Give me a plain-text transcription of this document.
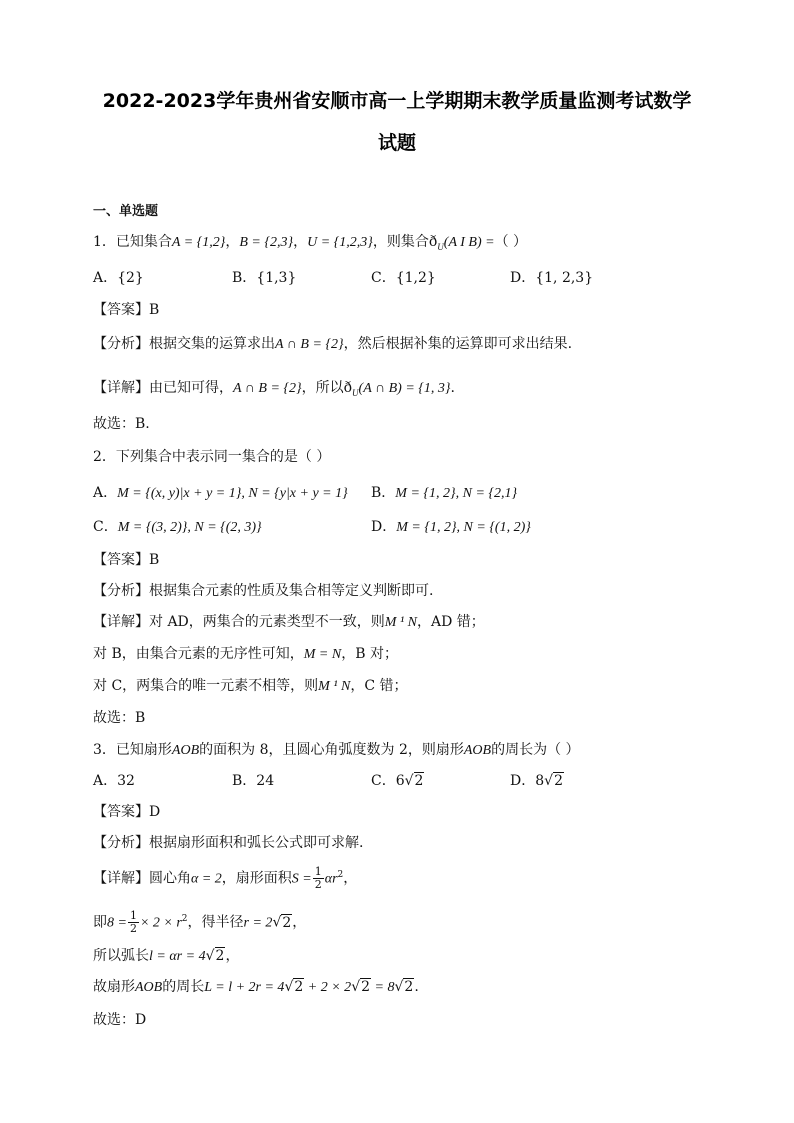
2022-2023学年贵州省安顺市高一上学期期末教学质量监测考试数学
试题
一、单选题
1．已知集合A = {1,2}，B = {2,3}，U = {1,2,3}，则集合$ð_U(A$ I B) =（ ）
A．{2}	B．{1,3}	C．{1,2}	D．{1, 2,3}
【答案】B
【分析】根据交集的运算求出A ∩ B = {2}，然后根据补集的运算即可求出结果.
【详解】由已知可得，A ∩ B = {2}，所以$ð_U(A$ ∩ B) = {1, 3}.
故选：B.
2．下列集合中表示同一集合的是（ ）
A．M = {(x, y)|x + y = 1}, N = {y|x + y = 1} B．M = {1, 2}, N = {2,1}
C．M = {(3, 2)}, N = {(2, 3)}	D．M = {1, 2}, N = {(1, 2)}
【答案】B
【分析】根据集合元素的性质及集合相等定义判断即可.
【详解】对 AD，两集合的元素类型不一致，则M ¹ N，AD 错；
对 B，由集合元素的无序性可知，M = N，B 对；
对 C，两集合的唯一元素不相等，则M ¹ N，C 错；
故选：B
3．已知扇形AOB的面积为 8，且圆心角弧度数为 2，则扇形AOB的周长为（ ）
A．32	B．24	C．6√2	D．8√2
【答案】D
【分析】根据扇形面积和弧长公式即可求解.
【详解】圆心角α = 2，扇形面积$S = \frac{1}{2} \alpha r^2$，
即$8 = \frac{1}{2} \times 2 \times r^2$，得半径r = 2√2，
所以弧长l = αr = 4√2，
故扇形AOB的周长L = l + 2r = 4√2 + 2 × 2√2 = 8√2.
故选：D
